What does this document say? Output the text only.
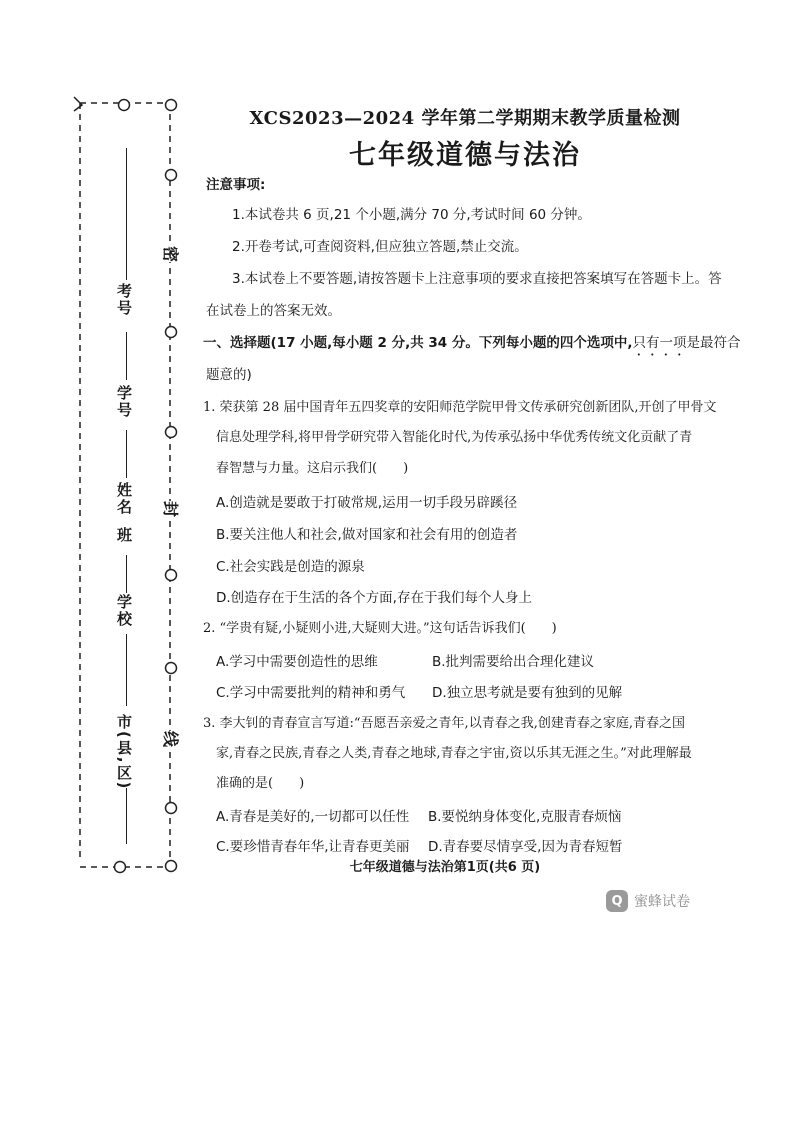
密
封
线
考号
学号
姓名
班
学校
市(县,区)
XCS2023—2024 学年第二学期期末教学质量检测
七年级道德与法治
注意事项:
1.本试卷共 6 页,21 个小题,满分 70 分,考试时间 60 分钟。
2.开卷考试,可查阅资料,但应独立答题,禁止交流。
3.本试卷上不要答题,请按答题卡上注意事项的要求直接把答案填写在答题卡上。答
在试卷上的答案无效。
一、选择题(17 小题,每小题 2 分,共 34 分。下列每小题的四个选项中,只有一项是最符合
题意的)
1. 荣获第 28 届中国青年五四奖章的安阳师范学院甲骨文传承研究创新团队,开创了甲骨文
信息处理学科,将甲骨学研究带入智能化时代,为传承弘扬中华优秀传统文化贡献了青
春智慧与力量。这启示我们(　　)
A.创造就是要敢于打破常规,运用一切手段另辟蹊径
B.要关注他人和社会,做对国家和社会有用的创造者
C.社会实践是创造的源泉
D.创造存在于生活的各个方面,存在于我们每个人身上
2. “学贵有疑,小疑则小进,大疑则大进。”这句话告诉我们(　　)
A.学习中需要创造性的思维	B.批判需要给出合理化建议
C.学习中需要批判的精神和勇气 D.独立思考就是要有独到的见解
3. 李大钊的青春宣言写道:“吾愿吾亲爱之青年,以青春之我,创建青春之家庭,青春之国
家,青春之民族,青春之人类,青春之地球,青春之宇宙,资以乐其无涯之生。”对此理解最
准确的是(　　)
A.青春是美好的,一切都可以任性 B.要悦纳身体变化,克服青春烦恼
C.要珍惜青春年华,让青春更美丽 D.青春要尽情享受,因为青春短暂
七年级道德与法治第1页(共6 页)
Q 蜜蜂试卷
